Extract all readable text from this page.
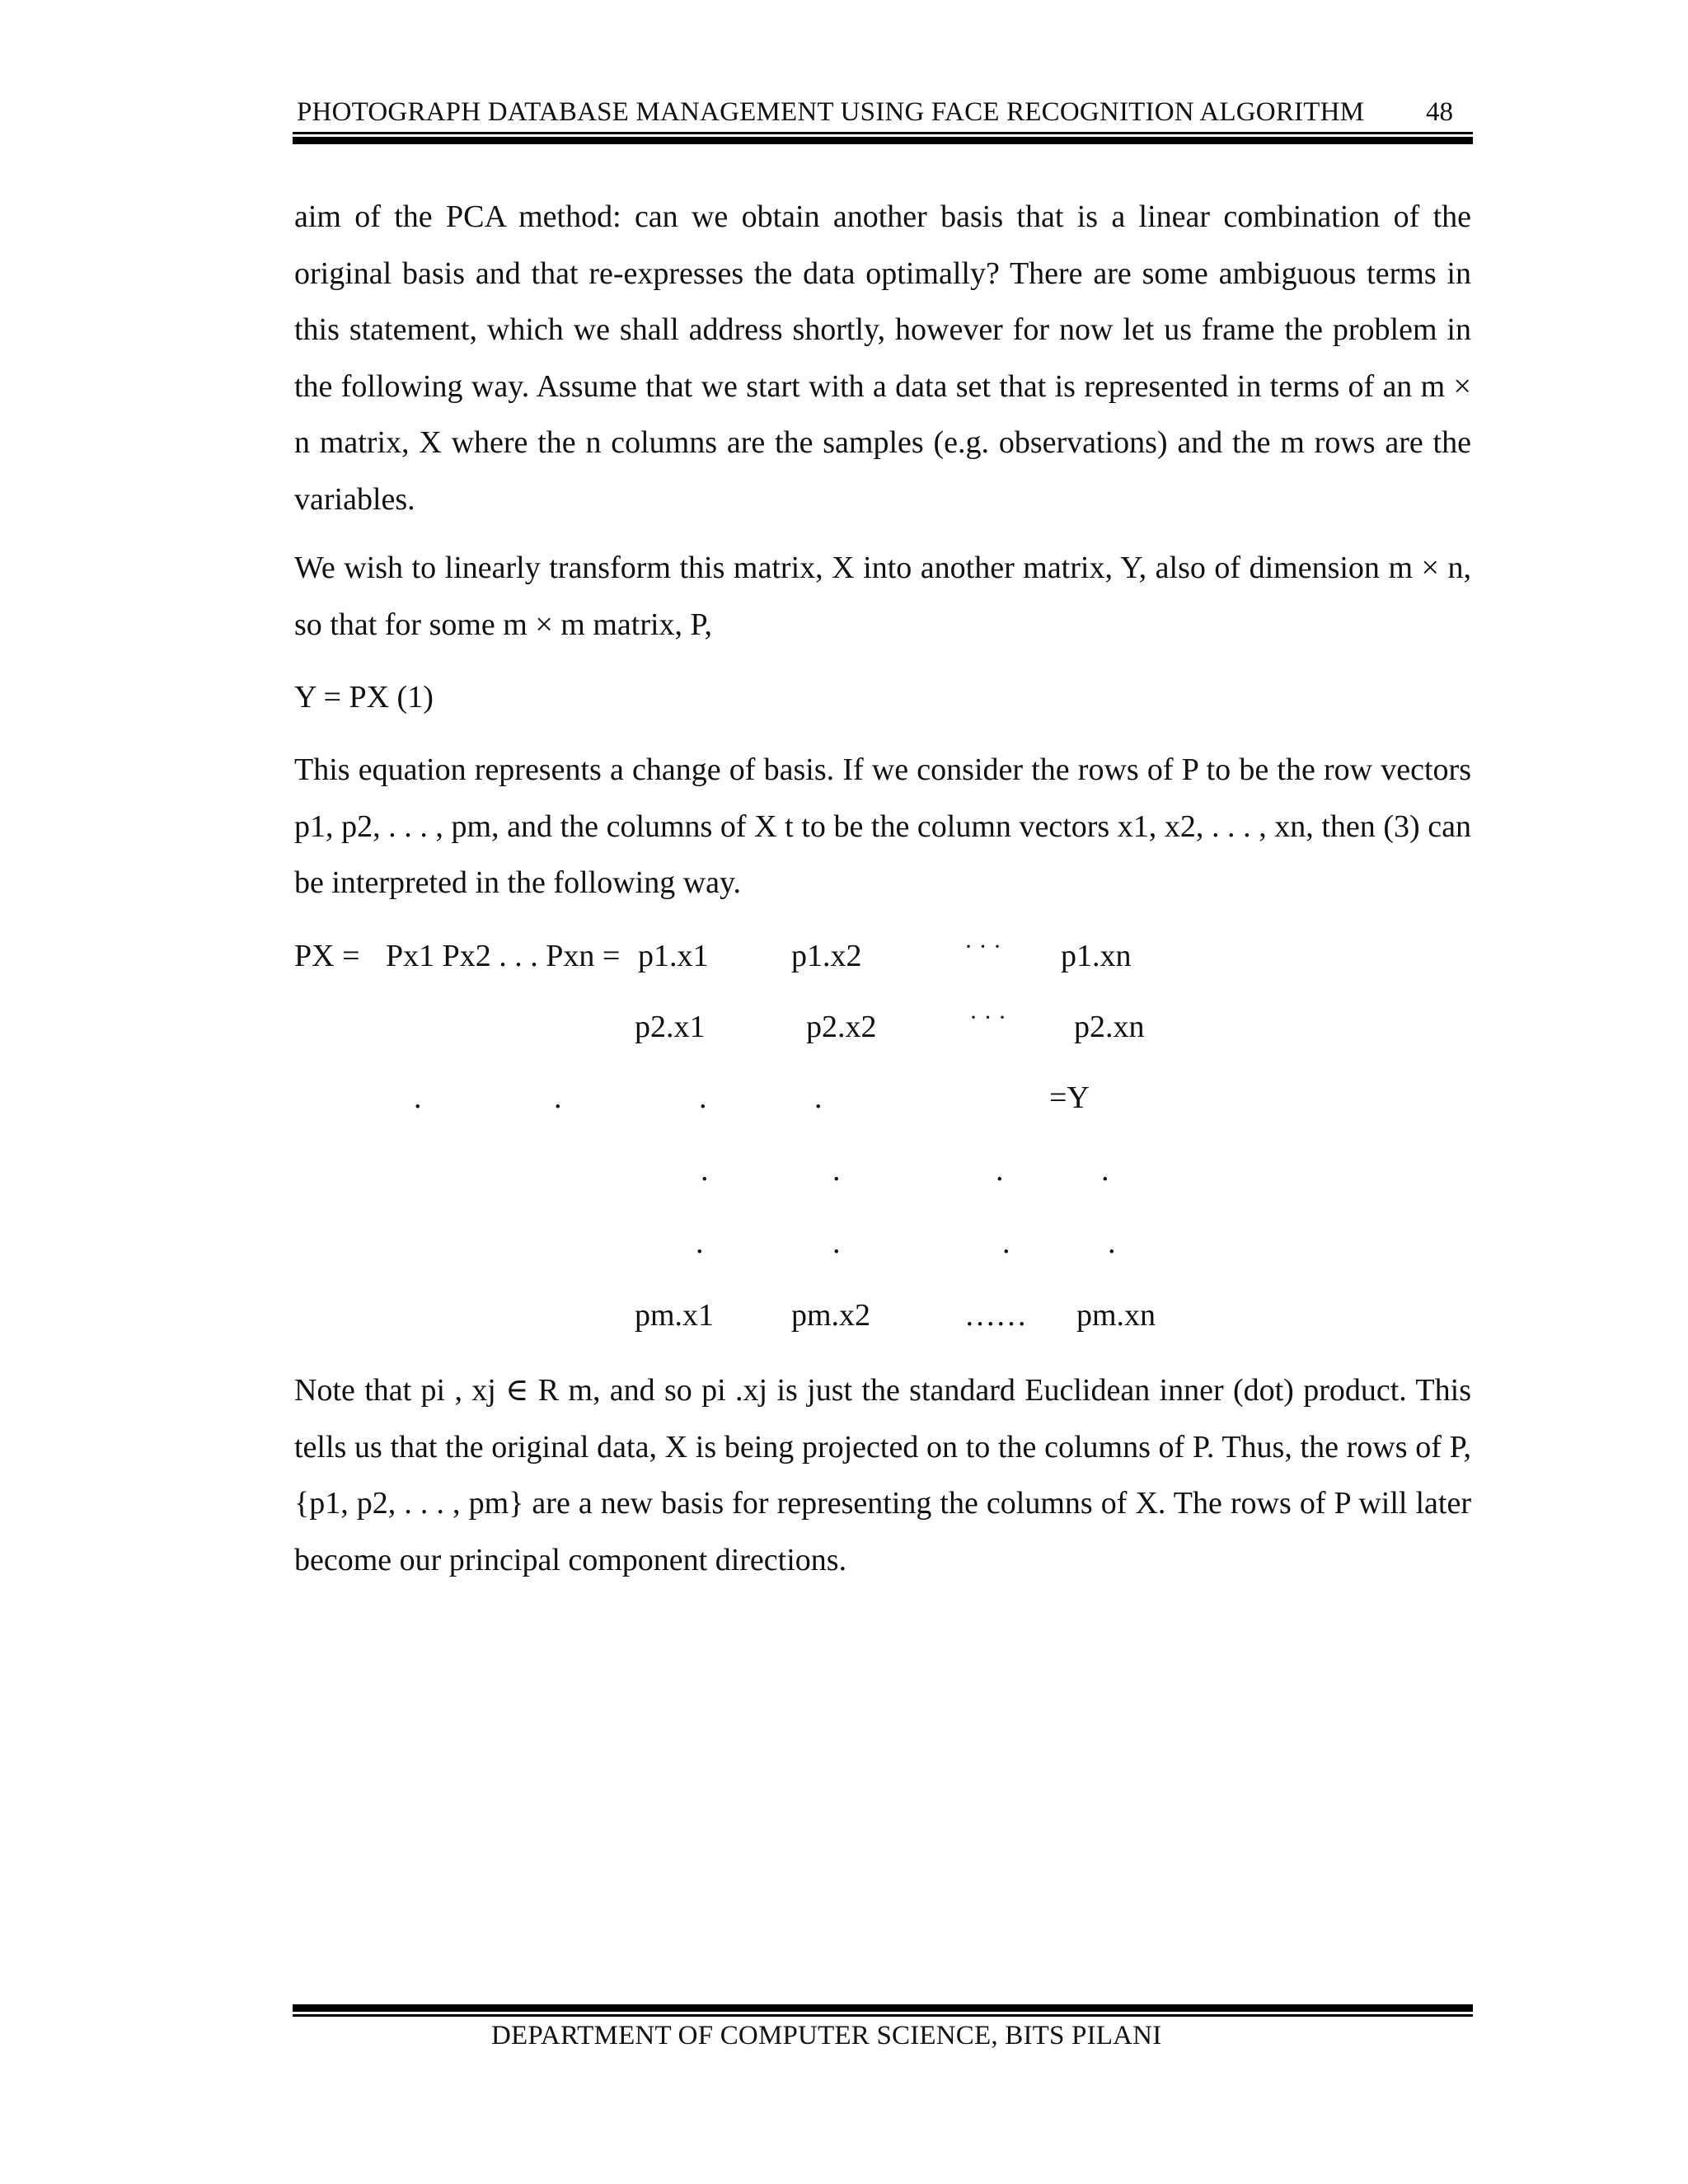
PHOTOGRAPH DATABASE MANAGEMENT USING FACE RECOGNITION ALGORITHM 48

aim of the PCA method: can we obtain another basis that is a linear combination of the original basis and that re-expresses the data optimally? There are some ambiguous terms in this statement, which we shall address shortly, however for now let us frame the problem in the following way. Assume that we start with a data set that is represented in terms of an m × n matrix, X where the n columns are the samples (e.g. observations) and the m rows are the variables.

We wish to linearly transform this matrix, X into another matrix, Y, also of dimension m × n, so that for some m × m matrix, P,

Y = PX (1)

This equation represents a change of basis. If we consider the rows of P to be the row vectors p1, p2, . . . , pm, and the columns of X t to be the column vectors x1, x2, . . . , xn, then (3) can be interpreted in the following way.

PX = Px1 Px2 . . . Pxn = p1.x1	p1.x2	· · · p1.xn
p2.x1	p2.x2	· · · p2.xn
.	.	.	.	=Y
.	.	.	.
.	.	.	.
pm.x1 pm.x2	…… pm.xn

Note that pi , xj ∈ R m, and so pi .xj is just the standard Euclidean inner (dot) product. This tells us that the original data, X is being projected on to the columns of P. Thus, the rows of P, {p1, p2, . . . , pm} are a new basis for representing the columns of X. The rows of P will later become our principal component directions.

DEPARTMENT OF COMPUTER SCIENCE, BITS PILANI
